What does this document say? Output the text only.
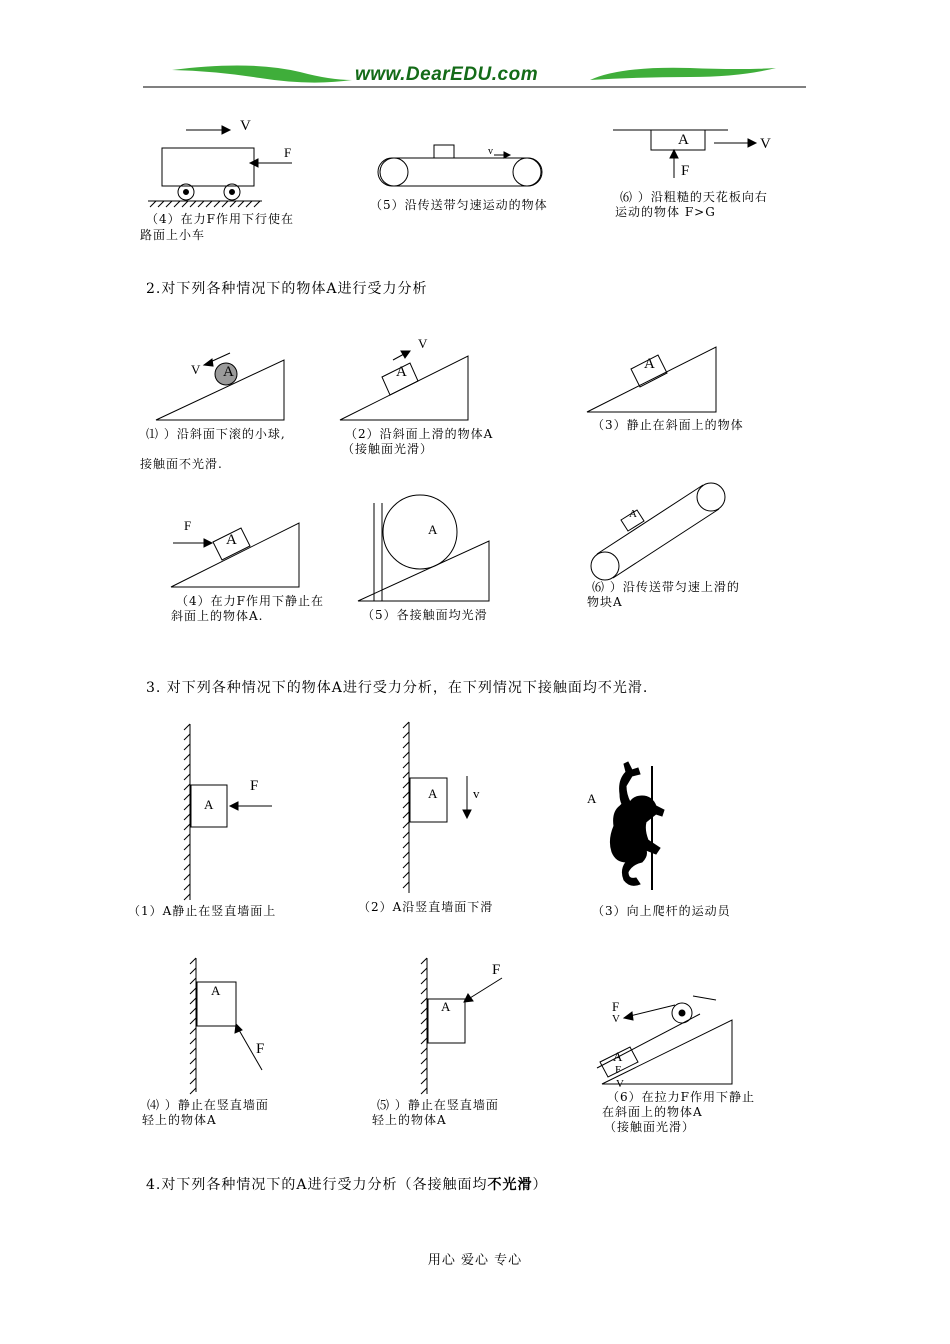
www.DearEDU.com
V
F
（4）在力F作用下行使在
路面上小车
v
（5）沿传送带匀速运动的物体
A	V
F
⑹ ）沿粗糙的天花板向右
运动的物体 F>G
2.对下列各种情况下的物体A进行受力分析
A
V
⑴ ）沿斜面下滚的小球,
接触面不光滑.
A
V
（2）沿斜面上滑的物体A
（接触面光滑）
A
（3）静止在斜面上的物体
A
F
（4）在力F作用下静止在
斜面上的物体A.
A
（5）各接触面均光滑
A
⑹ ）沿传送带匀速上滑的
物块A
3. 对下列各种情况下的物体A进行受力分析，在下列情况下接触面均不光滑.
A
F
（1）A静止在竖直墙面上
A	v
（2）A沿竖直墙面下滑
A
（3）向上爬杆的运动员
A
F
⑷ ）静止在竖直墙面
轻上的物体A
A
F
⑸ ）静止在竖直墙面
轻上的物体A
A
F
V
F
V
（6）在拉力F作用下静止
在斜面上的物体A
（接触面光滑）
4.对下列各种情况下的A进行受力分析（各接触面均不光滑）
用心 爱心 专心
